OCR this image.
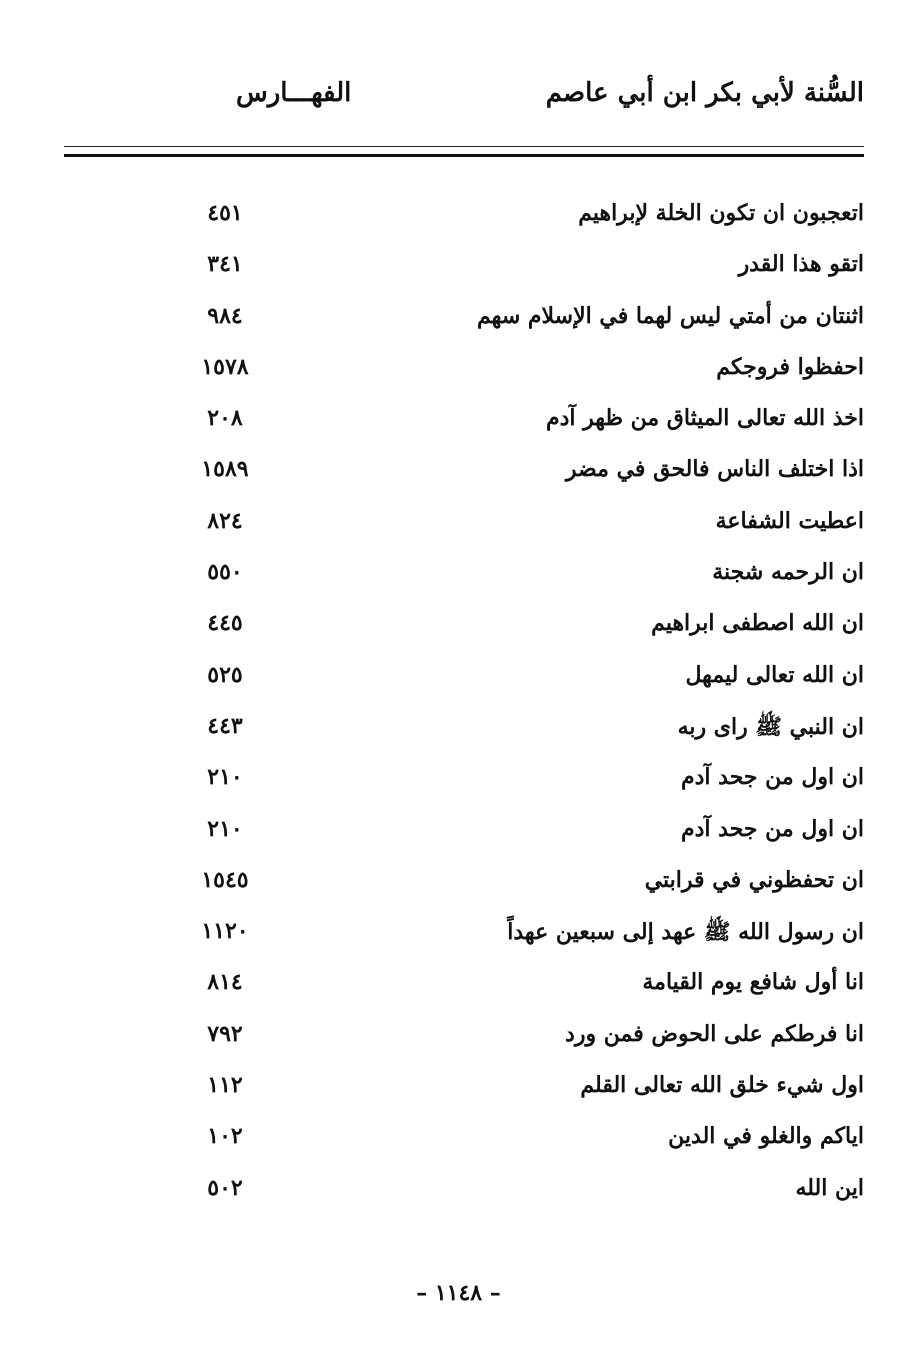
السُّنة لأبي بكر ابن أبي عاصم
الفهـــارس
اتعجبون ان تكون الخلة لإبراهيم
٤٥١
اتقو هذا القدر
٣٤١
اثنتان من أمتي ليس لهما في الإسلام سهم
٩٨٤
احفظوا فروجكم
١٥٧٨
اخذ الله تعالى الميثاق من ظهر آدم
٢٠٨
اذا اختلف الناس فالحق في مضر
١٥٨٩
اعطيت الشفاعة
٨٢٤
ان الرحمه شجنة
٥٥٠
ان الله اصطفى ابراهيم
٤٤٥
ان الله تعالى ليمهل
٥٢٥
ان النبي ﷺ راى ربه
٤٤٣
ان اول من جحد آدم
٢١٠
ان اول من جحد آدم
٢١٠
ان تحفظوني في قرابتي
١٥٤٥
ان رسول الله ﷺ عهد إلى سبعين عهداً
١١٢٠
انا أول شافع يوم القيامة
٨١٤
انا فرطكم على الحوض فمن ورد
٧٩٢
اول شيء خلق الله تعالى القلم
١١٢
اياكم والغلو في الدين
١٠٢
اين الله
٥٠٢
– ١١٤٨ –
